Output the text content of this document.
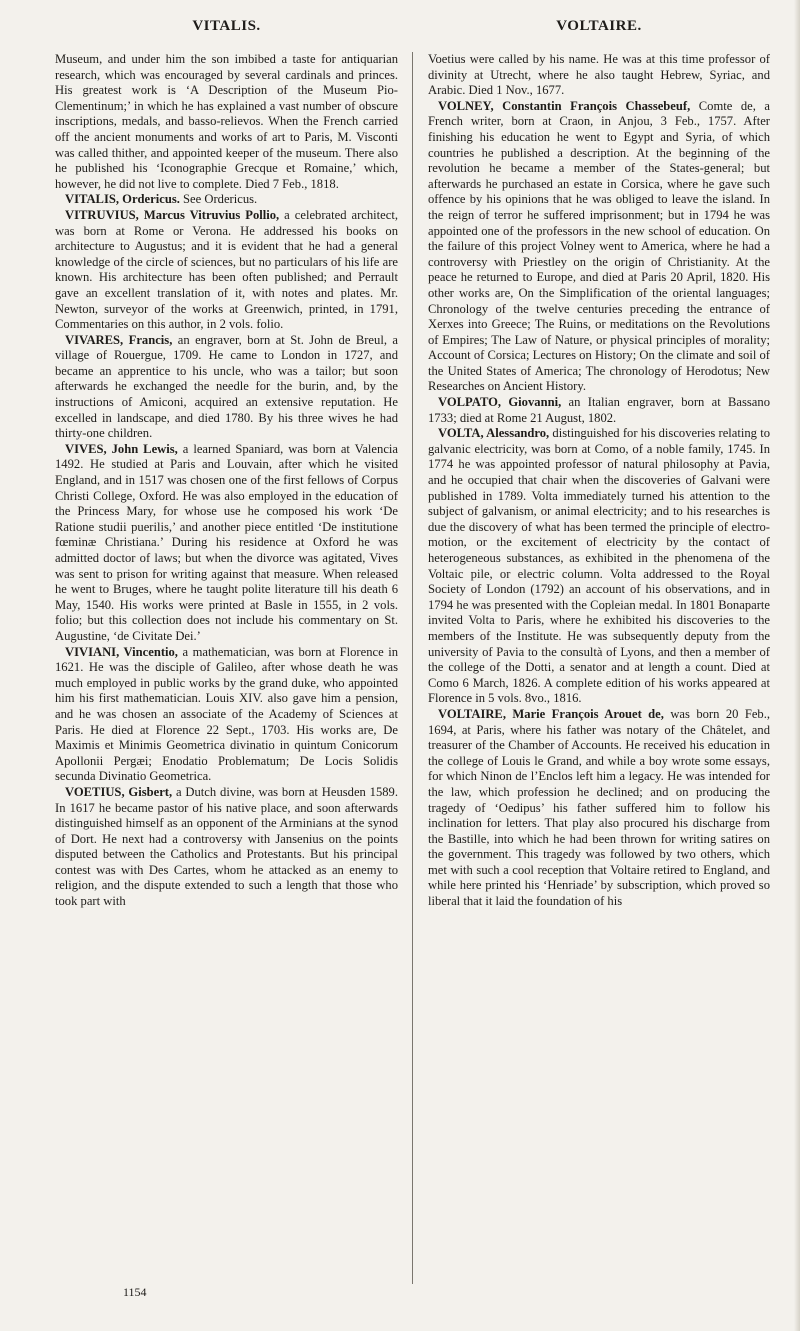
VITALIS.	VOLTAIRE.

Museum, and under him the son imbibed a taste for antiquarian research, which was encouraged by several cardinals and princes. His greatest work is ‘A Description of the Museum Pio-Clementinum;’ in which he has explained a vast number of obscure inscriptions, medals, and basso-relievos. When the French carried off the ancient monuments and works of art to Paris, M. Visconti was called thither, and appointed keeper of the museum. There also he published his ‘Iconographie Grecque et Romaine,’ which, however, he did not live to complete. Died 7 Feb., 1818.

VITALIS, Ordericus. See Ordericus.

VITRUVIUS, Marcus Vitruvius Pollio, a celebrated architect, was born at Rome or Verona. He addressed his books on architecture to Augustus; and it is evident that he had a general knowledge of the circle of sciences, but no particulars of his life are known. His architecture has been often published; and Perrault gave an excellent translation of it, with notes and plates. Mr. Newton, surveyor of the works at Greenwich, printed, in 1791, Commentaries on this author, in 2 vols. folio.

VIVARES, Francis, an engraver, born at St. John de Breul, a village of Rouergue, 1709. He came to London in 1727, and became an apprentice to his uncle, who was a tailor; but soon afterwards he exchanged the needle for the burin, and, by the instructions of Amiconi, acquired an extensive reputation. He excelled in landscape, and died 1780. By his three wives he had thirty-one children.

VIVES, John Lewis, a learned Spaniard, was born at Valencia 1492. He studied at Paris and Louvain, after which he visited England, and in 1517 was chosen one of the first fellows of Corpus Christi College, Oxford. He was also employed in the education of the Princess Mary, for whose use he composed his work ‘De Ratione studii puerilis,’ and another piece entitled ‘De institutione fœminæ Christiana.’ During his residence at Oxford he was admitted doctor of laws; but when the divorce was agitated, Vives was sent to prison for writing against that measure. When released he went to Bruges, where he taught polite literature till his death 6 May, 1540. His works were printed at Basle in 1555, in 2 vols. folio; but this collection does not include his commentary on St. Augustine, ‘de Civitate Dei.’

VIVIANI, Vincentio, a mathematician, was born at Florence in 1621. He was the disciple of Galileo, after whose death he was much employed in public works by the grand duke, who appointed him his first mathematician. Louis XIV. also gave him a pension, and he was chosen an associate of the Academy of Sciences at Paris. He died at Florence 22 Sept., 1703. His works are, De Maximis et Minimis Geometrica divinatio in quintum Conicorum Apollonii Pergæi; Enodatio Problematum; De Locis Solidis secunda Divinatio Geometrica.

VOETIUS, Gisbert, a Dutch divine, was born at Heusden 1589. In 1617 he became pastor of his native place, and soon afterwards distinguished himself as an opponent of the Arminians at the synod of Dort. He next had a controversy with Jansenius on the points disputed between the Catholics and Protestants. But his principal contest was with Des Cartes, whom he attacked as an enemy to religion, and the dispute extended to such a length that those who took part with

Voetius were called by his name. He was at this time professor of divinity at Utrecht, where he also taught Hebrew, Syriac, and Arabic. Died 1 Nov., 1677.

VOLNEY, Constantin François Chassebeuf, Comte de, a French writer, born at Craon, in Anjou, 3 Feb., 1757. After finishing his education he went to Egypt and Syria, of which countries he published a description. At the beginning of the revolution he became a member of the States-general; but afterwards he purchased an estate in Corsica, where he gave such offence by his opinions that he was obliged to leave the island. In the reign of terror he suffered imprisonment; but in 1794 he was appointed one of the professors in the new school of education. On the failure of this project Volney went to America, where he had a controversy with Priestley on the origin of Christianity. At the peace he returned to Europe, and died at Paris 20 April, 1820. His other works are, On the Simplification of the oriental languages; Chronology of the twelve centuries preceding the entrance of Xerxes into Greece; The Ruins, or meditations on the Revolutions of Empires; The Law of Nature, or physical principles of morality; Account of Corsica; Lectures on History; On the climate and soil of the United States of America; The chronology of Herodotus; New Researches on Ancient History.

VOLPATO, Giovanni, an Italian engraver, born at Bassano 1733; died at Rome 21 August, 1802.

VOLTA, Alessandro, distinguished for his discoveries relating to galvanic electricity, was born at Como, of a noble family, 1745. In 1774 he was appointed professor of natural philosophy at Pavia, and he occupied that chair when the discoveries of Galvani were published in 1789. Volta immediately turned his attention to the subject of galvanism, or animal electricity; and to his researches is due the discovery of what has been termed the principle of electro-motion, or the excitement of electricity by the contact of heterogeneous substances, as exhibited in the phenomena of the Voltaic pile, or electric column. Volta addressed to the Royal Society of London (1792) an account of his observations, and in 1794 he was presented with the Copleian medal. In 1801 Bonaparte invited Volta to Paris, where he exhibited his discoveries to the members of the Institute. He was subsequently deputy from the university of Pavia to the consultà of Lyons, and then a member of the college of the Dotti, a senator and at length a count. Died at Como 6 March, 1826. A complete edition of his works appeared at Florence in 5 vols. 8vo., 1816.

VOLTAIRE, Marie François Arouet de, was born 20 Feb., 1694, at Paris, where his father was notary of the Châtelet, and treasurer of the Chamber of Accounts. He received his education in the college of Louis le Grand, and while a boy wrote some essays, for which Ninon de l’Enclos left him a legacy. He was intended for the law, which profession he declined; and on producing the tragedy of ‘Oedipus’ his father suffered him to follow his inclination for letters. That play also procured his discharge from the Bastille, into which he had been thrown for writing satires on the government. This tragedy was followed by two others, which met with such a cool reception that Voltaire retired to England, and while here printed his ‘Henriade’ by subscription, which proved so liberal that it laid the foundation of his

1154
